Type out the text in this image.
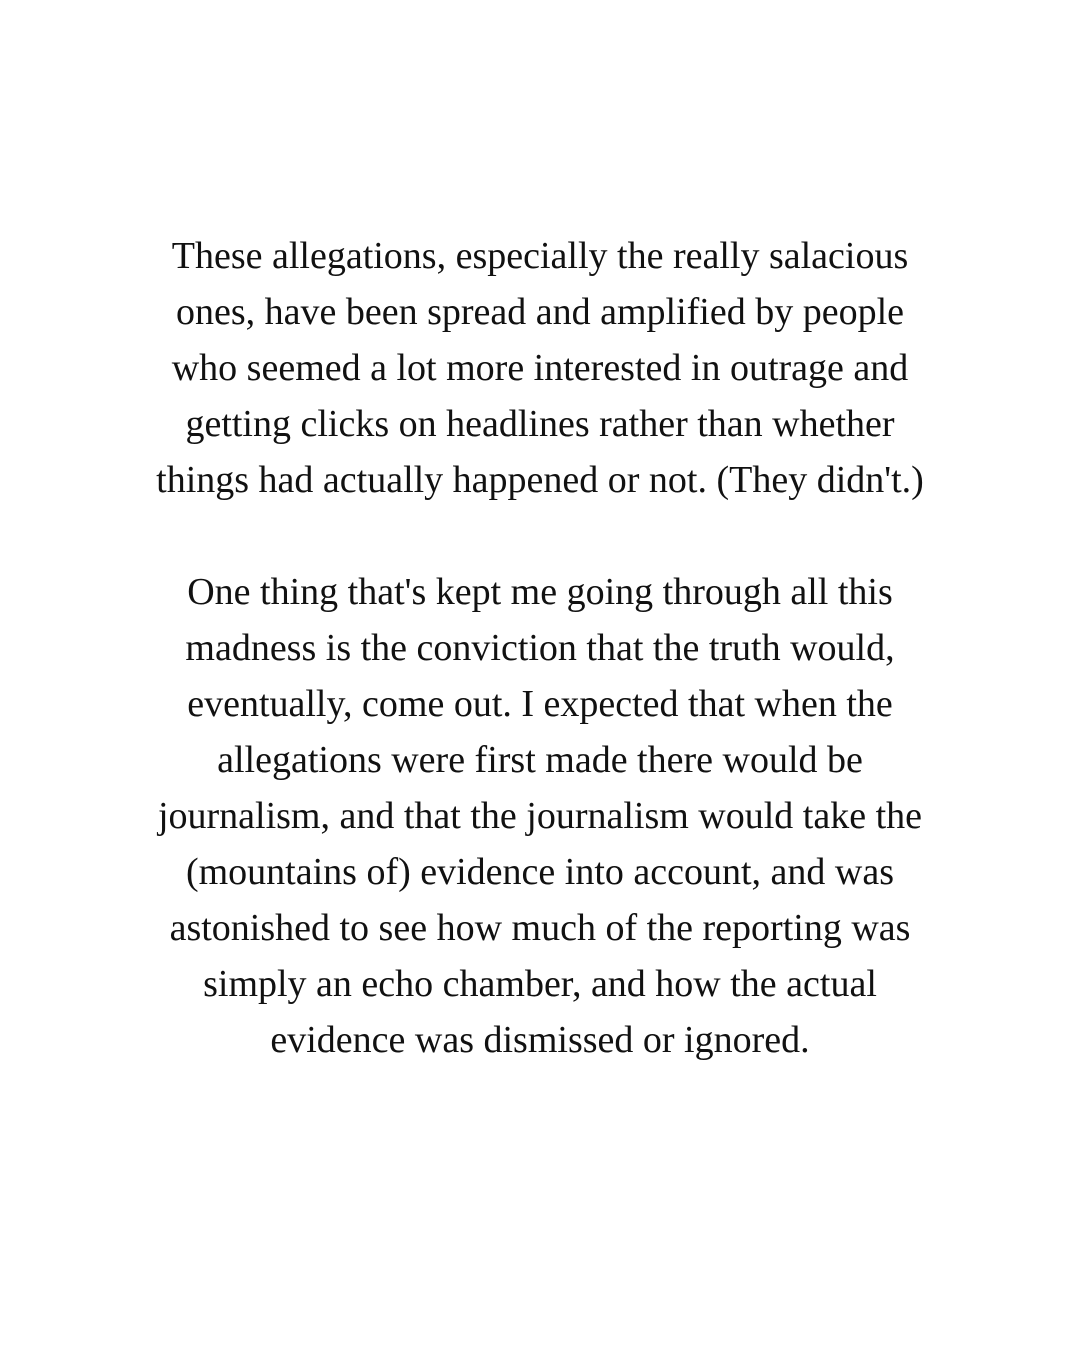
These allegations, especially the really salacious
ones, have been spread and amplified by people
who seemed a lot more interested in outrage and
getting clicks on headlines rather than whether
things had actually happened or not. (They didn't.)

One thing that's kept me going through all this
madness is the conviction that the truth would,
eventually, come out. I expected that when the
allegations were first made there would be
journalism, and that the journalism would take the
(mountains of) evidence into account, and was
astonished to see how much of the reporting was
simply an echo chamber, and how the actual
evidence was dismissed or ignored.
